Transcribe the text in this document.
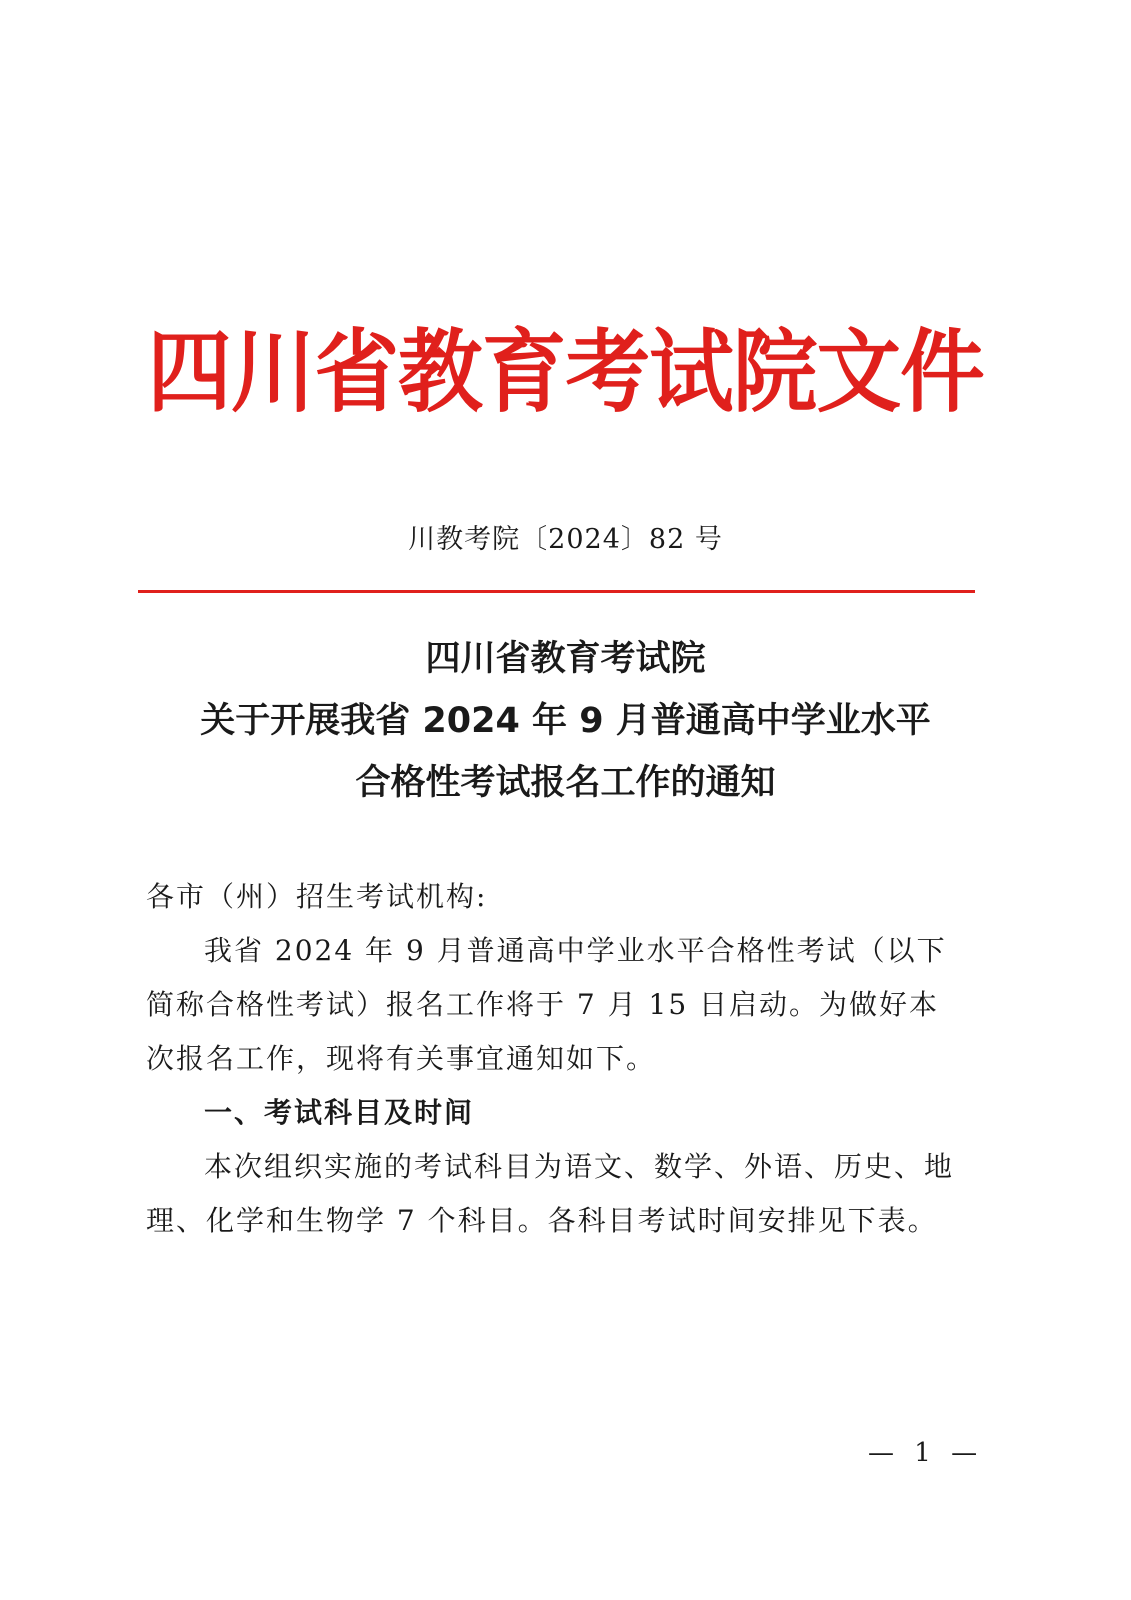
四川省教育考试院文件
川教考院〔2024〕82 号
四川省教育考试院
关于开展我省 2024 年 9 月普通高中学业水平
合格性考试报名工作的通知

各市（州）招生考试机构:

我省 2024 年 9 月普通高中学业水平合格性考试（以下简称合格性考试）报名工作将于 7 月 15 日启动。为做好本次报名工作，现将有关事宜通知如下。

一、考试科目及时间

本次组织实施的考试科目为语文、数学、外语、历史、地理、化学和生物学 7 个科目。各科目考试时间安排见下表。

— 1 —
